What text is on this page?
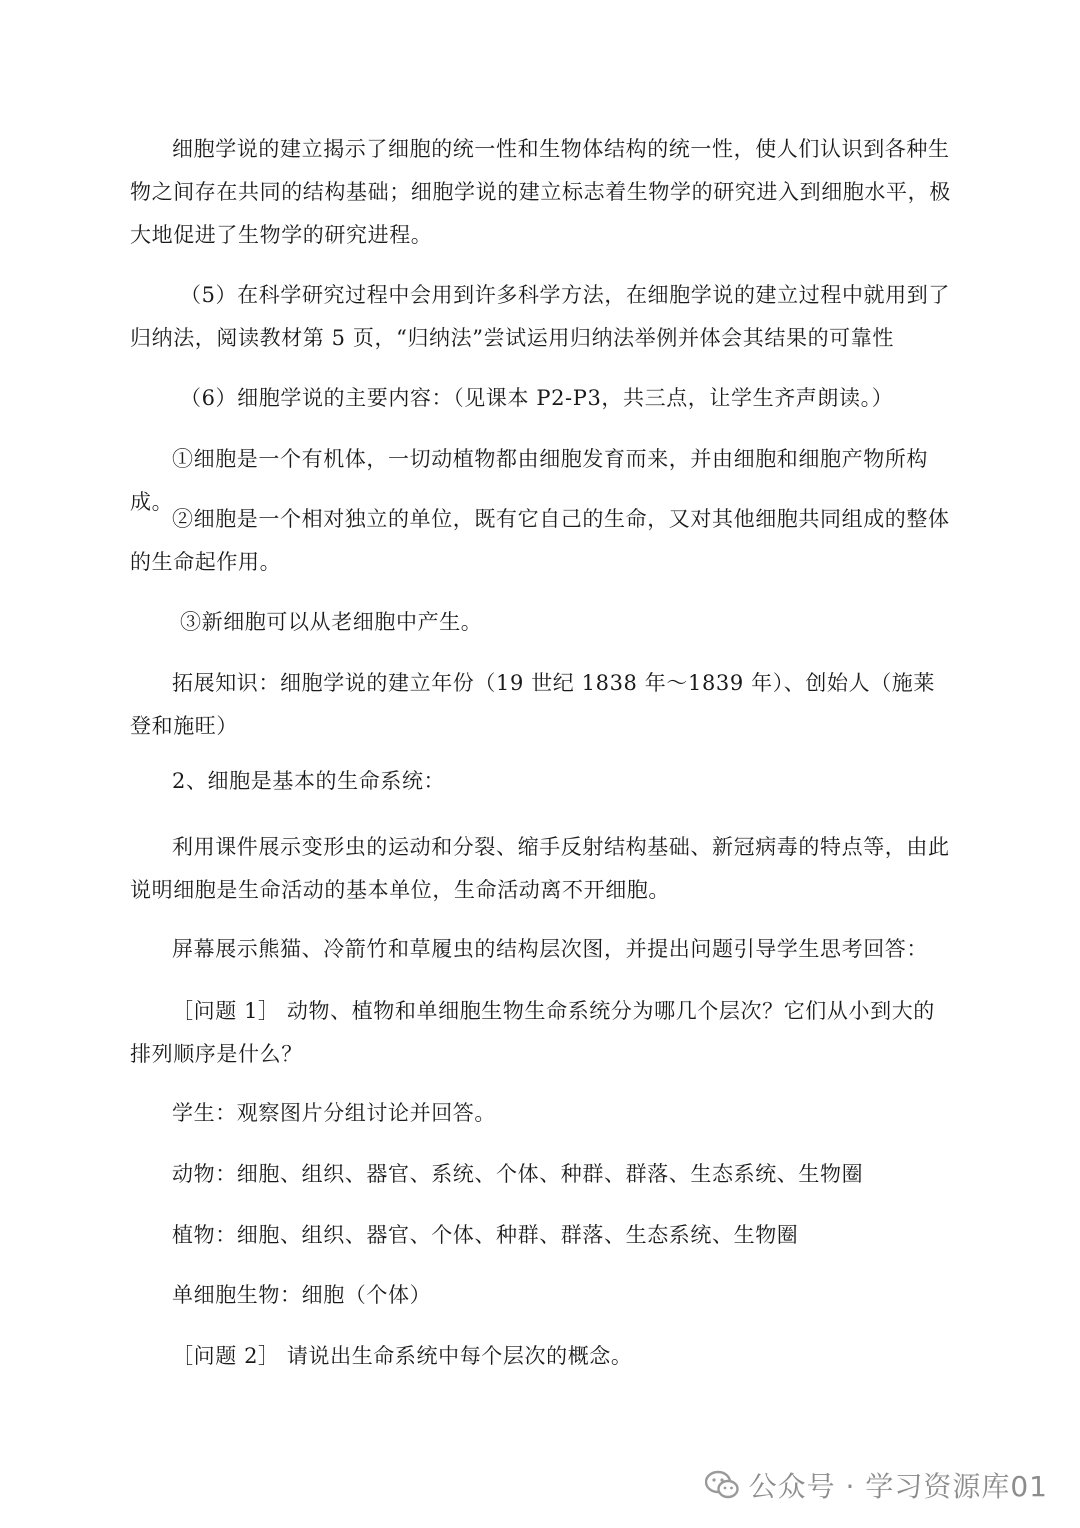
细胞学说的建立揭示了细胞的统一性和生物体结构的统一性，使人们认识到各种生物之间存在共同的结构基础；细胞学说的建立标志着生物学的研究进入到细胞水平，极大地促进了生物学的研究进程。

（5）在科学研究过程中会用到许多科学方法，在细胞学说的建立过程中就用到了归纳法，阅读教材第 5 页，“归纳法”尝试运用归纳法举例并体会其结果的可靠性

（6）细胞学说的主要内容：（见课本 P2-P3，共三点，让学生齐声朗读。）

①细胞是一个有机体，一切动植物都由细胞发育而来，并由细胞和细胞产物所构成。

②细胞是一个相对独立的单位，既有它自己的生命，又对其他细胞共同组成的整体的生命起作用。

③新细胞可以从老细胞中产生。

拓展知识：细胞学说的建立年份（19 世纪 1838 年～1839 年）、创始人（施莱登和施旺）

2、细胞是基本的生命系统：

利用课件展示变形虫的运动和分裂、缩手反射结构基础、新冠病毒的特点等，由此说明细胞是生命活动的基本单位，生命活动离不开细胞。

屏幕展示熊猫、冷箭竹和草履虫的结构层次图，并提出问题引导学生思考回答：

［问题 1］ 动物、植物和单细胞生物生命系统分为哪几个层次？它们从小到大的排列顺序是什么？

学生：观察图片分组讨论并回答。

动物：细胞、组织、器官、系统、个体、种群、群落、生态系统、生物圈

植物：细胞、组织、器官、个体、种群、群落、生态系统、生物圈

单细胞生物：细胞（个体）

［问题 2］ 请说出生命系统中每个层次的概念。

公众号 · 学习资源库01
